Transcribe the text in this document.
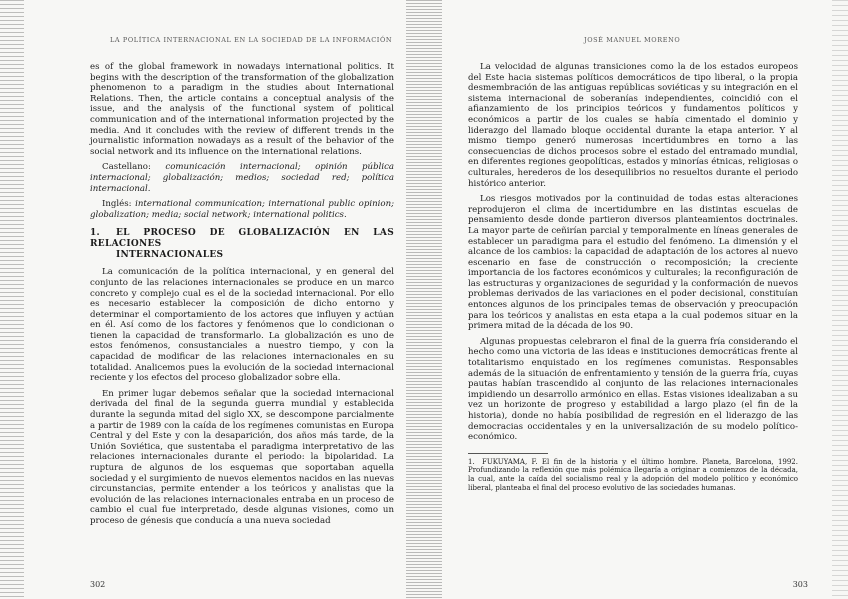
LA POLÍTICA INTERNACIONAL EN LA SOCIEDAD DE LA INFORMACIÓN

es of the global framework in nowadays international politics. It begins with the description of the transformation of the globalization phenomenon to a paradigm in the studies about International Relations. Then, the article contains a conceptual analysis of the issue, and the analysis of the functional system of political communication and of the international information projected by the media. And it concludes with the review of different trends in the journalistic information nowadays as a result of the behavior of the social network and its influence on the international relations.

Castellano: comunicación internacional; opinión pública internacional; globalización; medios; sociedad red; política internacional.

Inglés: international communication; international public opinion; globalization; media; social network; international politics.

1. EL PROCESO DE GLOBALIZACIÓN EN LAS RELACIONES
INTERNACIONALES

La comunicación de la política internacional, y en general del conjunto de las relaciones internacionales se produce en un marco concreto y complejo cual es el de la sociedad internacional. Por ello es necesario establecer la composición de dicho entorno y determinar el comportamiento de los actores que influyen y actúan en él. Así como de los factores y fenómenos que lo condicionan o tienen la capacidad de transformarlo. La globalización es uno de estos fenómenos, consustanciales a nuestro tiempo, y con la capacidad de modificar de las relaciones internacionales en su totalidad. Analicemos pues la evolución de la sociedad internacional reciente y los efectos del proceso globalizador sobre ella.

En primer lugar debemos señalar que la sociedad internacional derivada del final de la segunda guerra mundial y establecida durante la segunda mitad del siglo XX, se descompone parcialmente a partir de 1989 con la caída de los regímenes comunistas en Europa Central y del Este y con la desaparición, dos años más tarde, de la Unión Soviética, que sustentaba el paradigma interpretativo de las relaciones internacionales durante el periodo: la bipolaridad. La ruptura de algunos de los esquemas que soportaban aquella sociedad y el surgimiento de nuevos elementos nacidos en las nuevas circunstancias, permite entender a los teóricos y analistas que la evolución de las relaciones internacionales entraba en un proceso de cambio el cual fue interpretado, desde algunas visiones, como un proceso de génesis que conducía a una nueva sociedad

302
JOSÉ MANUEL MORENO

La velocidad de algunas transiciones como la de los estados europeos del Este hacia sistemas políticos democráticos de tipo liberal, o la propia desmembración de las antiguas repúblicas soviéticas y su integración en el sistema internacional de soberanías independientes, coincidió con el afianzamiento de los principios teóricos y fundamentos políticos y económicos a partir de los cuales se había cimentado el dominio y liderazgo del llamado bloque occidental durante la etapa anterior. Y al mismo tiempo generó numerosas incertidumbres en torno a las consecuencias de dichos procesos sobre el estado del entramado mundial, en diferentes regiones geopolíticas, estados y minorías étnicas, religiosas o culturales, herederos de los desequilibrios no resueltos durante el periodo histórico anterior.

Los riesgos motivados por la continuidad de todas estas alteraciones reprodujeron el clima de incertidumbre en las distintas escuelas de pensamiento desde donde partieron diversos planteamientos doctrinales. La mayor parte de ceñirían parcial y temporalmente en líneas generales de establecer un paradigma para el estudio del fenómeno. La dimensión y el alcance de los cambios: la capacidad de adaptación de los actores al nuevo escenario en fase de construcción o recomposición; la creciente importancia de los factores económicos y culturales; la reconfiguración de las estructuras y organizaciones de seguridad y la conformación de nuevos problemas derivados de las variaciones en el poder decisional, constituían entonces algunos de los principales temas de observación y preocupación para los teóricos y analistas en esta etapa a la cual podemos situar en la primera mitad de la década de los 90.

Algunas propuestas celebraron el final de la guerra fría considerando el hecho como una victoria de las ideas e instituciones democráticas frente al totalitarismo enquistado en los regímenes comunistas. Responsables además de la situación de enfrentamiento y tensión de la guerra fría, cuyas pautas habían trascendido al conjunto de las relaciones internacionales impidiendo un desarrollo armónico en ellas. Estas visiones idealizaban a su vez un horizonte de progreso y estabilidad a largo plazo (el fin de la historia), donde no había posibilidad de regresión en el liderazgo de las democracias occidentales y en la universalización de su modelo político-económico.

1. FUKUYAMA, F. El fin de la historia y el último hombre. Planeta, Barcelona, 1992. Profundizando la reflexión que más polémica llegaría a originar a comienzos de la década, la cual, ante la caída del socialismo real y la adopción del modelo político y económico liberal, planteaba el final del proceso evolutivo de las sociedades humanas.
303
